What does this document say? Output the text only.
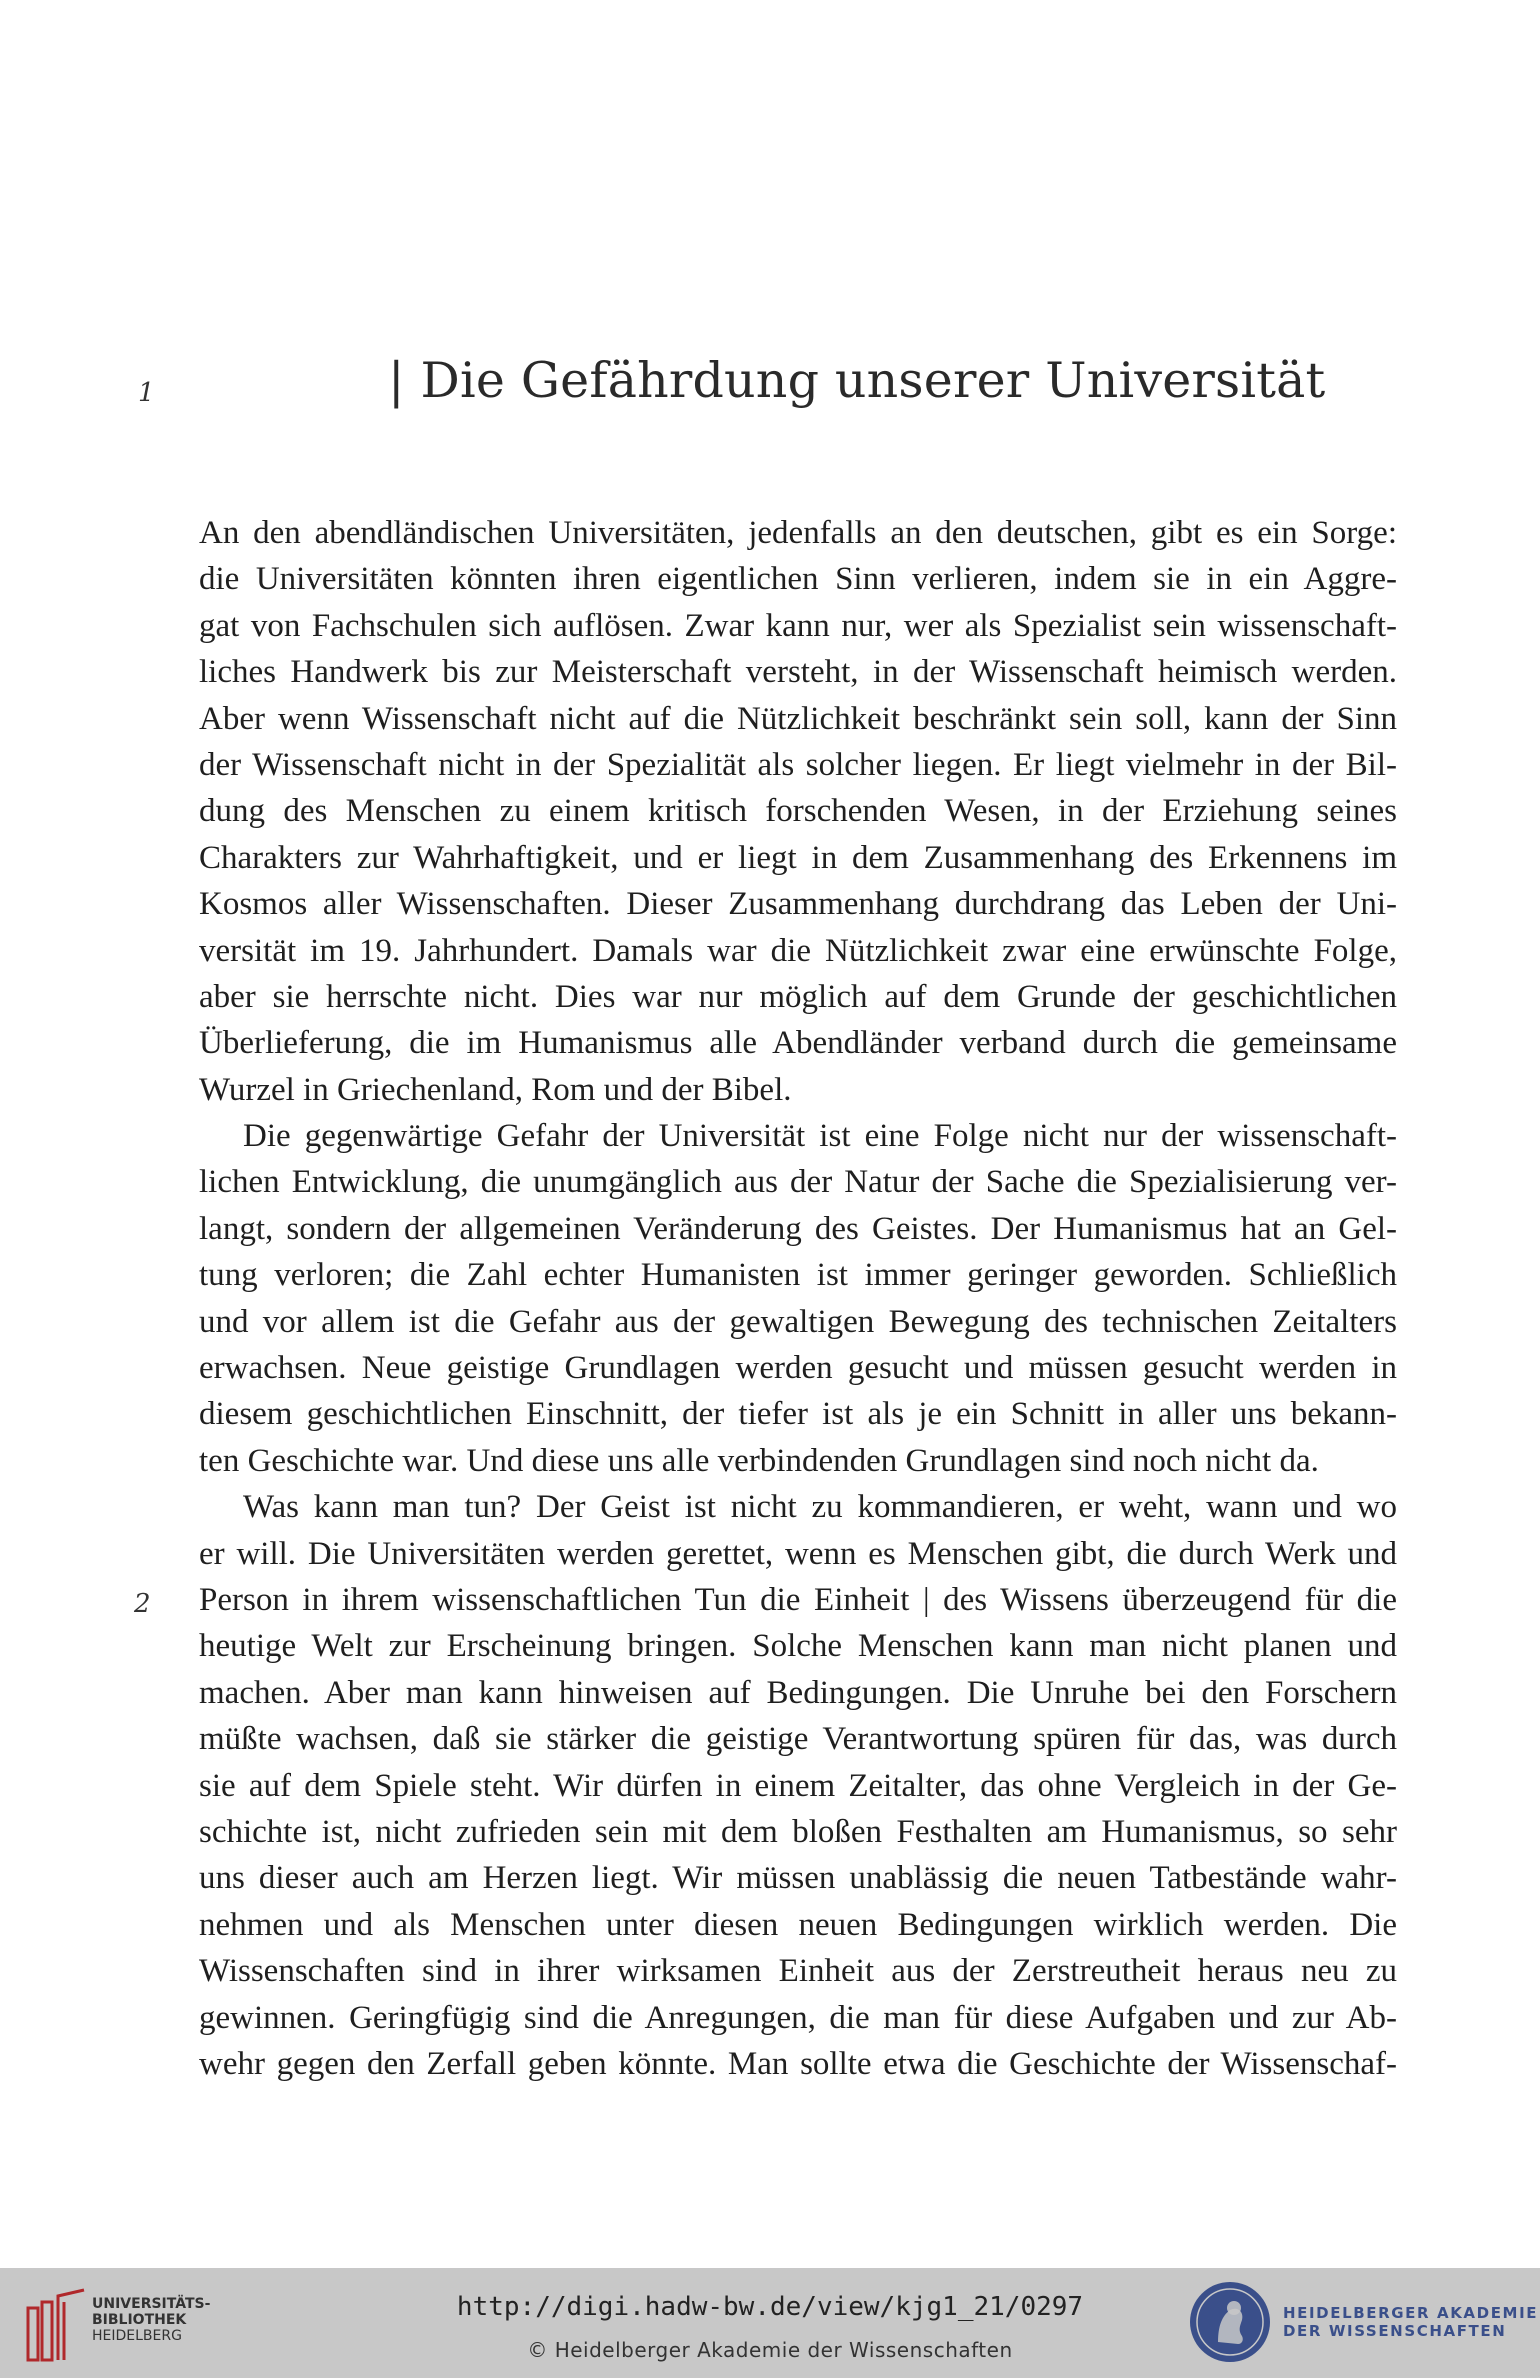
1
2
| Die Gefährdung unserer Universität
An den abendländischen Universitäten, jedenfalls an den deutschen, gibt es ein Sorge:
die Universitäten könnten ihren eigentlichen Sinn verlieren, indem sie in ein Aggre-
gat von Fachschulen sich auflösen. Zwar kann nur, wer als Spezialist sein wissenschaft-
liches Handwerk bis zur Meisterschaft versteht, in der Wissenschaft heimisch werden.
Aber wenn Wissenschaft nicht auf die Nützlichkeit beschränkt sein soll, kann der Sinn
der Wissenschaft nicht in der Spezialität als solcher liegen. Er liegt vielmehr in der Bil-
dung des Menschen zu einem kritisch forschenden Wesen, in der Erziehung seines
Charakters zur Wahrhaftigkeit, und er liegt in dem Zusammenhang des Erkennens im
Kosmos aller Wissenschaften. Dieser Zusammenhang durchdrang das Leben der Uni-
versität im 19. Jahrhundert. Damals war die Nützlichkeit zwar eine erwünschte Folge,
aber sie herrschte nicht. Dies war nur möglich auf dem Grunde der geschichtlichen
Überlieferung, die im Humanismus alle Abendländer verband durch die gemeinsame
Wurzel in Griechenland, Rom und der Bibel.
Die gegenwärtige Gefahr der Universität ist eine Folge nicht nur der wissenschaft-
lichen Entwicklung, die unumgänglich aus der Natur der Sache die Spezialisierung ver-
langt, sondern der allgemeinen Veränderung des Geistes. Der Humanismus hat an Gel-
tung verloren; die Zahl echter Humanisten ist immer geringer geworden. Schließlich
und vor allem ist die Gefahr aus der gewaltigen Bewegung des technischen Zeitalters
erwachsen. Neue geistige Grundlagen werden gesucht und müssen gesucht werden in
diesem geschichtlichen Einschnitt, der tiefer ist als je ein Schnitt in aller uns bekann-
ten Geschichte war. Und diese uns alle verbindenden Grundlagen sind noch nicht da.
Was kann man tun? Der Geist ist nicht zu kommandieren, er weht, wann und wo
er will. Die Universitäten werden gerettet, wenn es Menschen gibt, die durch Werk und
Person in ihrem wissenschaftlichen Tun die Einheit | des Wissens überzeugend für die
heutige Welt zur Erscheinung bringen. Solche Menschen kann man nicht planen und
machen. Aber man kann hinweisen auf Bedingungen. Die Unruhe bei den Forschern
müßte wachsen, daß sie stärker die geistige Verantwortung spüren für das, was durch
sie auf dem Spiele steht. Wir dürfen in einem Zeitalter, das ohne Vergleich in der Ge-
schichte ist, nicht zufrieden sein mit dem bloßen Festhalten am Humanismus, so sehr
uns dieser auch am Herzen liegt. Wir müssen unablässig die neuen Tatbestände wahr-
nehmen und als Menschen unter diesen neuen Bedingungen wirklich werden. Die
Wissenschaften sind in ihrer wirksamen Einheit aus der Zerstreutheit heraus neu zu
gewinnen. Geringfügig sind die Anregungen, die man für diese Aufgaben und zur Ab-
wehr gegen den Zerfall geben könnte. Man sollte etwa die Geschichte der Wissenschaf-
UNIVERSITÄTS-
BIBLIOTHEK
HEIDELBERG
http://digi.hadw-bw.de/view/kjg1_21/0297
© Heidelberger Akademie der Wissenschaften
HEIDELBERGER AKADEMIE
DER WISSENSCHAFTEN
